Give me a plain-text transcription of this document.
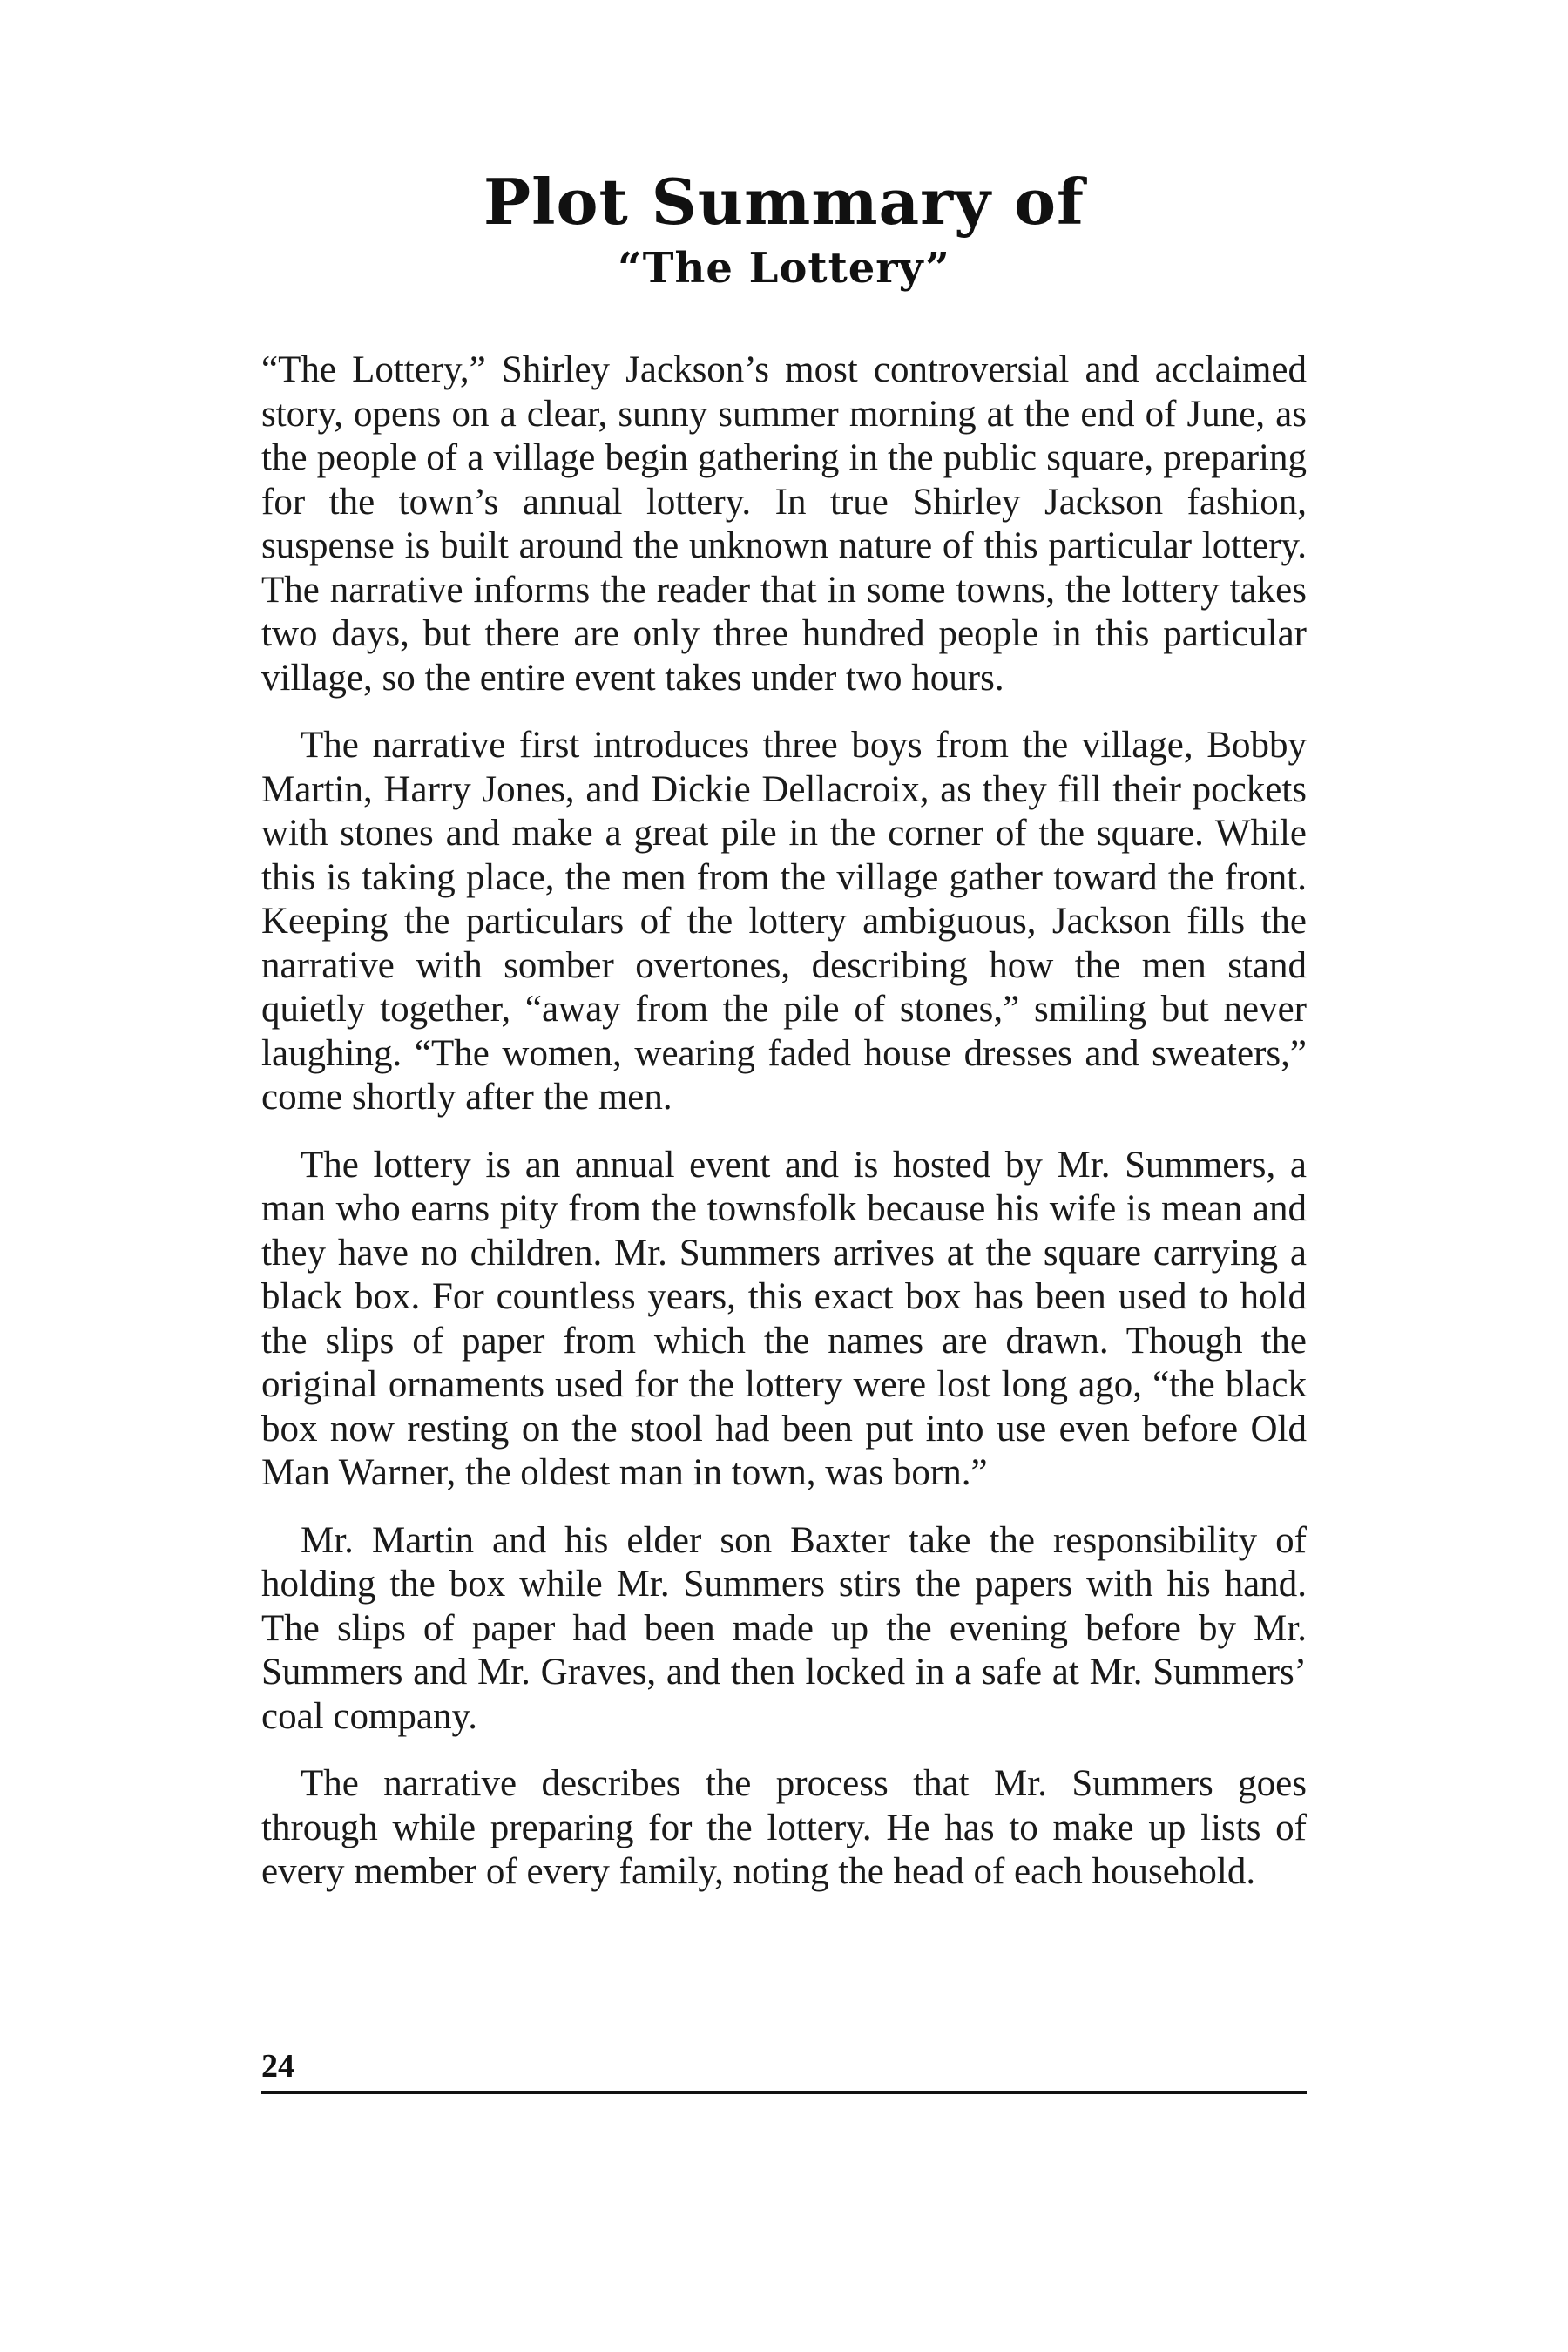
Plot Summary of
“The Lottery”

“The Lottery,” Shirley Jackson’s most controversial and acclaimed story, opens on a clear, sunny summer morning at the end of June, as the people of a village begin gathering in the public square, preparing for the town’s annual lottery. In true Shirley Jackson fashion, suspense is built around the unknown nature of this particular lottery. The narrative informs the reader that in some towns, the lottery takes two days, but there are only three hundred people in this particular village, so the entire event takes under two hours.

The narrative first introduces three boys from the village, Bobby Martin, Harry Jones, and Dickie Dellacroix, as they fill their pockets with stones and make a great pile in the corner of the square. While this is taking place, the men from the village gather toward the front. Keeping the particulars of the lottery ambiguous, Jackson fills the narrative with somber overtones, describing how the men stand quietly together, “away from the pile of stones,” smiling but never laughing. “The women, wearing faded house dresses and sweaters,” come shortly after the men.

The lottery is an annual event and is hosted by Mr. Summers, a man who earns pity from the townsfolk because his wife is mean and they have no children. Mr. Summers arrives at the square carrying a black box. For countless years, this exact box has been used to hold the slips of paper from which the names are drawn. Though the original ornaments used for the lottery were lost long ago, “the black box now resting on the stool had been put into use even before Old Man Warner, the oldest man in town, was born.”

Mr. Martin and his elder son Baxter take the responsibility of holding the box while Mr. Summers stirs the papers with his hand. The slips of paper had been made up the evening before by Mr. Summers and Mr. Graves, and then locked in a safe at Mr. Summers’ coal company.

The narrative describes the process that Mr. Summers goes through while preparing for the lottery. He has to make up lists of every member of every family, noting the head of each household.

24
